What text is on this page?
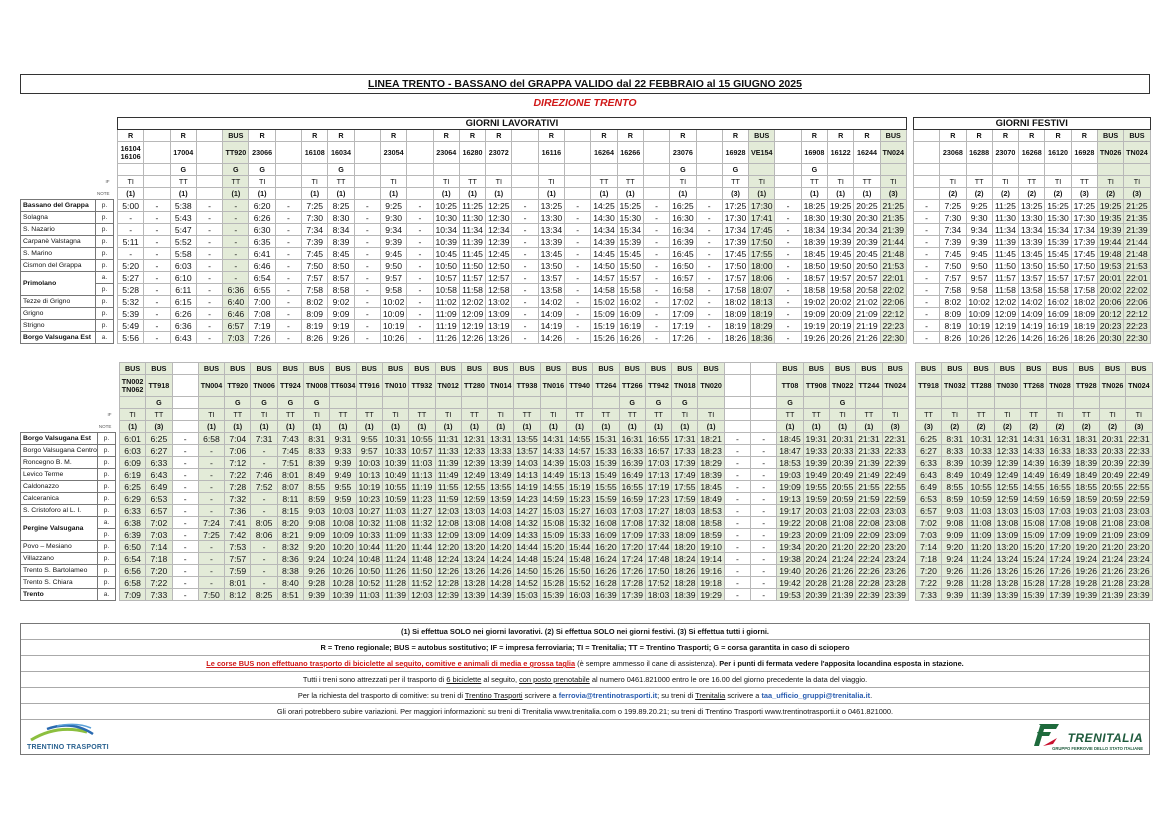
LINEA TRENTO - BASSANO del GRAPPA VALIDO dal 22 FEBBRAIO al 15 GIUGNO 2025
DIREZIONE TRENTO
			GIORNI LAVORATIVI																															GIORNI FESTIVI								
			R		R		BUS	R		R	R		R		R	R	R		R		R	R		R		R	BUS		R	R	R	BUS			R	R	R	R	R	R	BUS	BUS
			16104
16106		17004		TT920	23066		16108	16034		23054		23064	16280	23072		16116		16264	16266		23076		16928	VE154		16908	16122	16244	TN024			23068	16288	23070	16268	16120	16928	TN026	TN024
					G		G	G			G													G		G			G													
IF			TI		TT		TT	TI		TI	TT		TI		TI	TT	TI		TI		TT	TT		TI		TT	TI		TT	TI	TT	TI			TI	TT	TI	TT	TI	TT	TI	TI
NOTE			(1)		(1)		(1)	(1)		(1)	(1)		(1)		(1)	(1)	(1)		(1)		(1)	(1)		(1)		(3)	(1)		(1)	(1)	(1)	(3)			(2)	(2)	(2)	(2)	(2)	(3)	(2)	(3)
Bassano del Grappa	p.		5:00	-	5:38	-	-	6:20	-	7:25	8:25	-	9:25	-	10:25	11:25	12:25	-	13:25	-	14:25	15:25	-	16:25	-	17:25	17:30	-	18:25	19:25	20:25	21:25		-	7:25	9:25	11:25	13:25	15:25	17:25	19:25	21:25
Solagna	p.		-	-	5:43	-	-	6:26	-	7:30	8:30	-	9:30	-	10:30	11:30	12:30	-	13:30	-	14:30	15:30	-	16:30	-	17:30	17:41	-	18:30	19:30	20:30	21:35		-	7:30	9:30	11:30	13:30	15:30	17:30	19:35	21:35
S. Nazario	p.		-	-	5:47	-	-	6:30	-	7:34	8:34	-	9:34	-	10:34	11:34	12:34	-	13:34	-	14:34	15:34	-	16:34	-	17:34	17:45	-	18:34	19:34	20:34	21:39		-	7:34	9:34	11:34	13:34	15:34	17:34	19:39	21:39
Carpanè Valstagna	p.		5:11	-	5:52	-	-	6:35	-	7:39	8:39	-	9:39	-	10:39	11:39	12:39	-	13:39	-	14:39	15:39	-	16:39	-	17:39	17:50	-	18:39	19:39	20:39	21:44		-	7:39	9:39	11:39	13:39	15:39	17:39	19:44	21:44
S. Marino	p.		-	-	5:58	-	-	6:41	-	7:45	8:45	-	9:45	-	10:45	11:45	12:45	-	13:45	-	14:45	15:45	-	16:45	-	17:45	17:55	-	18:45	19:45	20:45	21:48		-	7:45	9:45	11:45	13:45	15:45	17:45	19:48	21:48
Cismon del Grappa	p.		5:20	-	6:03	-	-	6:46	-	7:50	8:50	-	9:50	-	10:50	11:50	12:50	-	13:50	-	14:50	15:50	-	16:50	-	17:50	18:00	-	18:50	19:50	20:50	21:53		-	7:50	9:50	11:50	13:50	15:50	17:50	19:53	21:53
Primolano	a.		5:27	-	6:10	-	-	6:54	-	7:57	8:57	-	9:57	-	10:57	11:57	12:57	-	13:57	-	14:57	15:57	-	16:57	-	17:57	18:06	-	18:57	19:57	20:57	22:01		-	7:57	9:57	11:57	13:57	15:57	17:57	20:01	22:01
	p.		5:28	-	6:11	-	6:36	6:55	-	7:58	8:58	-	9:58	-	10:58	11:58	12:58	-	13:58	-	14:58	15:58	-	16:58	-	17:58	18:07	-	18:58	19:58	20:58	22:02		-	7:58	9:58	11:58	13:58	15:58	17:58	20:02	22:02
Tezze di Grigno	p.		5:32	-	6:15	-	6:40	7:00	-	8:02	9:02	-	10:02	-	11:02	12:02	13:02	-	14:02	-	15:02	16:02	-	17:02	-	18:02	18:13	-	19:02	20:02	21:02	22:06		-	8:02	10:02	12:02	14:02	16:02	18:02	20:06	22:06
Grigno	p.		5:39	-	6:26	-	6:46	7:08	-	8:09	9:09	-	10:09	-	11:09	12:09	13:09	-	14:09	-	15:09	16:09	-	17:09	-	18:09	18:19	-	19:09	20:09	21:09	22:12		-	8:09	10:09	12:09	14:09	16:09	18:09	20:12	22:12
Strigno	p.		5:49	-	6:36	-	6:57	7:19	-	8:19	9:19	-	10:19	-	11:19	12:19	13:19	-	14:19	-	15:19	16:19	-	17:19	-	18:19	18:29	-	19:19	20:19	21:19	22:23		-	8:19	10:19	12:19	14:19	16:19	18:19	20:23	22:23
Borgo Valsugana Est	a.		5:56	-	6:43	-	7:03	7:26	-	8:26	9:26	-	10:26	-	11:26	12:26	13:26	-	14:26	-	15:26	16:26	-	17:26	-	18:26	18:36	-	19:26	20:26	21:26	22:30		-	8:26	10:26	12:26	14:26	16:26	18:26	20:30	22:30
			BUS	BUS		BUS	BUS	BUS	BUS	BUS	BUS	BUS	BUS	BUS	BUS	BUS	BUS	BUS	BUS	BUS	BUS	BUS	BUS	BUS	BUS			BUS	BUS	BUS	BUS	BUS		BUS	BUS	BUS	BUS	BUS	BUS	BUS	BUS	BUS
			TN002
TN062	TT918		TN004	TT920	TN006	TT924	TN008	TT6034	TT916	TN010	TT932	TN012	TT280	TN014	TT938	TN016	TT940	TT264	TT266	TT942	TN018	TN020			TT08	TT908	TN022	TT244	TN024		TT918	TN032	TT288	TN030	TT268	TN028	TT928	TN026	TN024
				G			G	G	G	G												G	G	G				G		G												
IF			TI	TT		TI	TT	TI	TT	TI	TT	TT	TI	TT	TI	TT	TI	TT	TI	TT	TT	TT	TT	TI	TI			TT	TT	TI	TT	TI		TT	TI	TT	TI	TT	TI	TT	TI	TI
NOTE			(1)	(3)		(1)	(1)	(1)	(1)	(1)	(1)	(1)	(1)	(1)	(1)	(1)	(1)	(1)	(1)	(1)	(1)	(1)	(1)	(1)	(1)			(1)	(1)	(1)	(1)	(3)		(3)	(2)	(2)	(2)	(2)	(2)	(2)	(2)	(3)
Borgo Valsugana Est	p.		6:01	6:25	-	6:58	7:04	7:31	7:43	8:31	9:31	9:55	10:31	10:55	11:31	12:31	13:31	13:55	14:31	14:55	15:31	16:31	16:55	17:31	18:21	-	-	18:45	19:31	20:31	21:31	22:31		6:25	8:31	10:31	12:31	14:31	16:31	18:31	20:31	22:31
Borgo Valsugana Centro	p.		6:03	6:27	-	-	7:06	-	7:45	8:33	9:33	9:57	10:33	10:57	11:33	12:33	13:33	13:57	14:33	14:57	15:33	16:33	16:57	17:33	18:23	-	-	18:47	19:33	20:33	21:33	22:33		6:27	8:33	10:33	12:33	14:33	16:33	18:33	20:33	22:33
Roncegno B. M.	p.		6:09	6:33	-	-	7:12	-	7:51	8:39	9:39	10:03	10:39	11:03	11:39	12:39	13:39	14:03	14:39	15:03	15:39	16:39	17:03	17:39	18:29	-	-	18:53	19:39	20:39	21:39	22:39		6:33	8:39	10:39	12:39	14:39	16:39	18:39	20:39	22:39
Levico Terme	p.		6:19	6:43	-	-	7:22	7:46	8:01	8:49	9:49	10:13	10:49	11:13	11:49	12:49	13:49	14:13	14:49	15:13	15:49	16:49	17:13	17:49	18:39	-	-	19:03	19:49	20:49	21:49	22:49		6:43	8:49	10:49	12:49	14:49	16:49	18:49	20:49	22:49
Caldonazzo	p.		6:25	6:49	-	-	7:28	7:52	8:07	8:55	9:55	10:19	10:55	11:19	11:55	12:55	13:55	14:19	14:55	15:19	15:55	16:55	17:19	17:55	18:45	-	-	19:09	19:55	20:55	21:55	22:55		6:49	8:55	10:55	12:55	14:55	16:55	18:55	20:55	22:55
Calceranica	p.		6:29	6:53	-	-	7:32	-	8:11	8:59	9:59	10:23	10:59	11:23	11:59	12:59	13:59	14:23	14:59	15:23	15:59	16:59	17:23	17:59	18:49	-	-	19:13	19:59	20:59	21:59	22:59		6:53	8:59	10:59	12:59	14:59	16:59	18:59	20:59	22:59
S. Cristoforo al L. I.	p.		6:33	6:57	-	-	7:36	-	8:15	9:03	10:03	10:27	11:03	11:27	12:03	13:03	14:03	14:27	15:03	15:27	16:03	17:03	17:27	18:03	18:53	-	-	19:17	20:03	21:03	22:03	23:03		6:57	9:03	11:03	13:03	15:03	17:03	19:03	21:03	23:03
Pergine Valsugana	a.		6:38	7:02	-	7:24	7:41	8:05	8:20	9:08	10:08	10:32	11:08	11:32	12:08	13:08	14:08	14:32	15:08	15:32	16:08	17:08	17:32	18:08	18:58	-	-	19:22	20:08	21:08	22:08	23:08		7:02	9:08	11:08	13:08	15:08	17:08	19:08	21:08	23:08
	p.		6:39	7:03	-	7:25	7:42	8:06	8:21	9:09	10:09	10:33	11:09	11:33	12:09	13:09	14:09	14:33	15:09	15:33	16:09	17:09	17:33	18:09	18:59	-	-	19:23	20:09	21:09	22:09	23:09		7:03	9:09	11:09	13:09	15:09	17:09	19:09	21:09	23:09
Povo – Mesiano	p.		6:50	7:14	-	-	7:53	-	8:32	9:20	10:20	10:44	11:20	11:44	12:20	13:20	14:20	14:44	15:20	15:44	16:20	17:20	17:44	18:20	19:10	-	-	19:34	20:20	21:20	22:20	23:20		7:14	9:20	11:20	13:20	15:20	17:20	19:20	21:20	23:20
Villazzano	p.		6:54	7:18	-	-	7:57	-	8:36	9:24	10:24	10:48	11:24	11:48	12:24	13:24	14:24	14:48	15:24	15:48	16:24	17:24	17:48	18:24	19:14	-	-	19:38	20:24	21:24	22:24	23:24		7:18	9:24	11:24	13:24	15:24	17:24	19:24	21:24	23:24
Trento S. Bartolameo	p.		6:56	7:20	-	-	7:59	-	8:38	9:26	10:26	10:50	11:26	11:50	12:26	13:26	14:26	14:50	15:26	15:50	16:26	17:26	17:50	18:26	19:16	-	-	19:40	20:26	21:26	22:26	23:26		7:20	9:26	11:26	13:26	15:26	17:26	19:26	21:26	23:26
Trento S. Chiara	p.		6:58	7:22	-	-	8:01	-	8:40	9:28	10:28	10:52	11:28	11:52	12:28	13:28	14:28	14:52	15:28	15:52	16:28	17:28	17:52	18:28	19:18	-	-	19:42	20:28	21:28	22:28	23:28		7:22	9:28	11:28	13:28	15:28	17:28	19:28	21:28	23:28
Trento	a.		7:09	7:33	-	7:50	8:12	8:25	8:51	9:39	10:39	11:03	11:39	12:03	12:39	13:39	14:39	15:03	15:39	16:03	16:39	17:39	18:03	18:39	19:29	-	-	19:53	20:39	21:39	22:39	23:39		7:33	9:39	11:39	13:39	15:39	17:39	19:39	21:39	23:39
(1) Si effettua SOLO nei giorni lavorativi. (2) Si effettua SOLO nei giorni festivi. (3) Si effettua tutti i giorni.
R = Treno regionale; BUS = autobus sostitutivo; IF = impresa ferroviaria; TI = Trenitalia; TT = Trentino Trasporti; G = corsa garantita in caso di sciopero
Le corse BUS non effettuano trasporto di biciclette al seguito, comitive e animali di media e grossa taglia (è sempre ammesso il cane di assistenza). Per i punti di fermata vedere l'apposita locandina esposta in stazione.
Tutti i treni sono attrezzati per il trasporto di 6 biciclette al seguito, con posto prenotabile al numero 0461.821000 entro le ore 16.00 del giorno precedente la data del viaggio.
Per la richiesta del trasporto di comitive: su treni di Trentino Trasporti scrivere a ferrovia@trentinotrasporti.it; su treni di Trenitalia scrivere a taa_ufficio_gruppi@trenitalia.it.
Gli orari potrebbero subire variazioni. Per maggiori informazioni: su treni di Trenitalia www.trenitalia.com o 199.89.20.21; su treni di Trentino Trasporti www.trentinotrasporti.it o 0461.821000.
TRENTINO TRASPORTI
TRENITALIA
GRUPPO FERROVIE DELLO STATO ITALIANE
